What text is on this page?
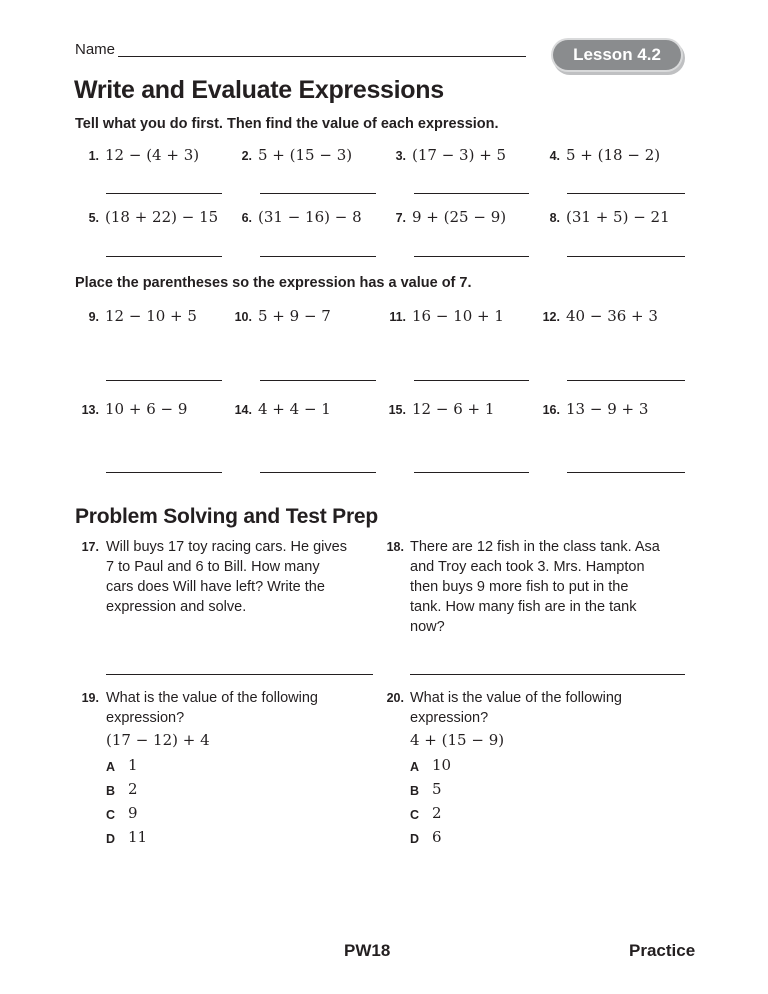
Name	Lesson 4.2
Write and Evaluate Expressions
Tell what you do first. Then find the value of each expression.
1. 12 − (4 + 3)	2. 5 + (15 − 3)	3. (17 − 3) + 5	4. 5 + (18 − 2)
5. (18 + 22) − 15	6. (31 − 16) − 8	7. 9 + (25 − 9)	8. (31 + 5) − 21
Place the parentheses so the expression has a value of 7.
9. 12 − 10 + 5	10. 5 + 9 − 7	11. 16 − 10 + 1	12. 40 − 36 + 3
13. 10 + 6 − 9	14. 4 + 4 − 1	15. 12 − 6 + 1	16. 13 − 9 + 3
Problem Solving and Test Prep
17. Will buys 17 toy racing cars. He gives

7 to Paul and 6 to Bill. How many

cars does Will have left? Write the

expression and solve.

18. There are 12 fish in the class tank. Asa

and Troy each took 3. Mrs. Hampton

then buys 9 more fish to put in the

tank. How many fish are in the tank

now?

19. What is the value of the following

expression?

(17 − 12) + 4
A 1
B 2
C 9
D 11
20. What is the value of the following

expression?

4 + (15 − 9)
A 10
B 5
C 2
D 6
PW18	Practice
